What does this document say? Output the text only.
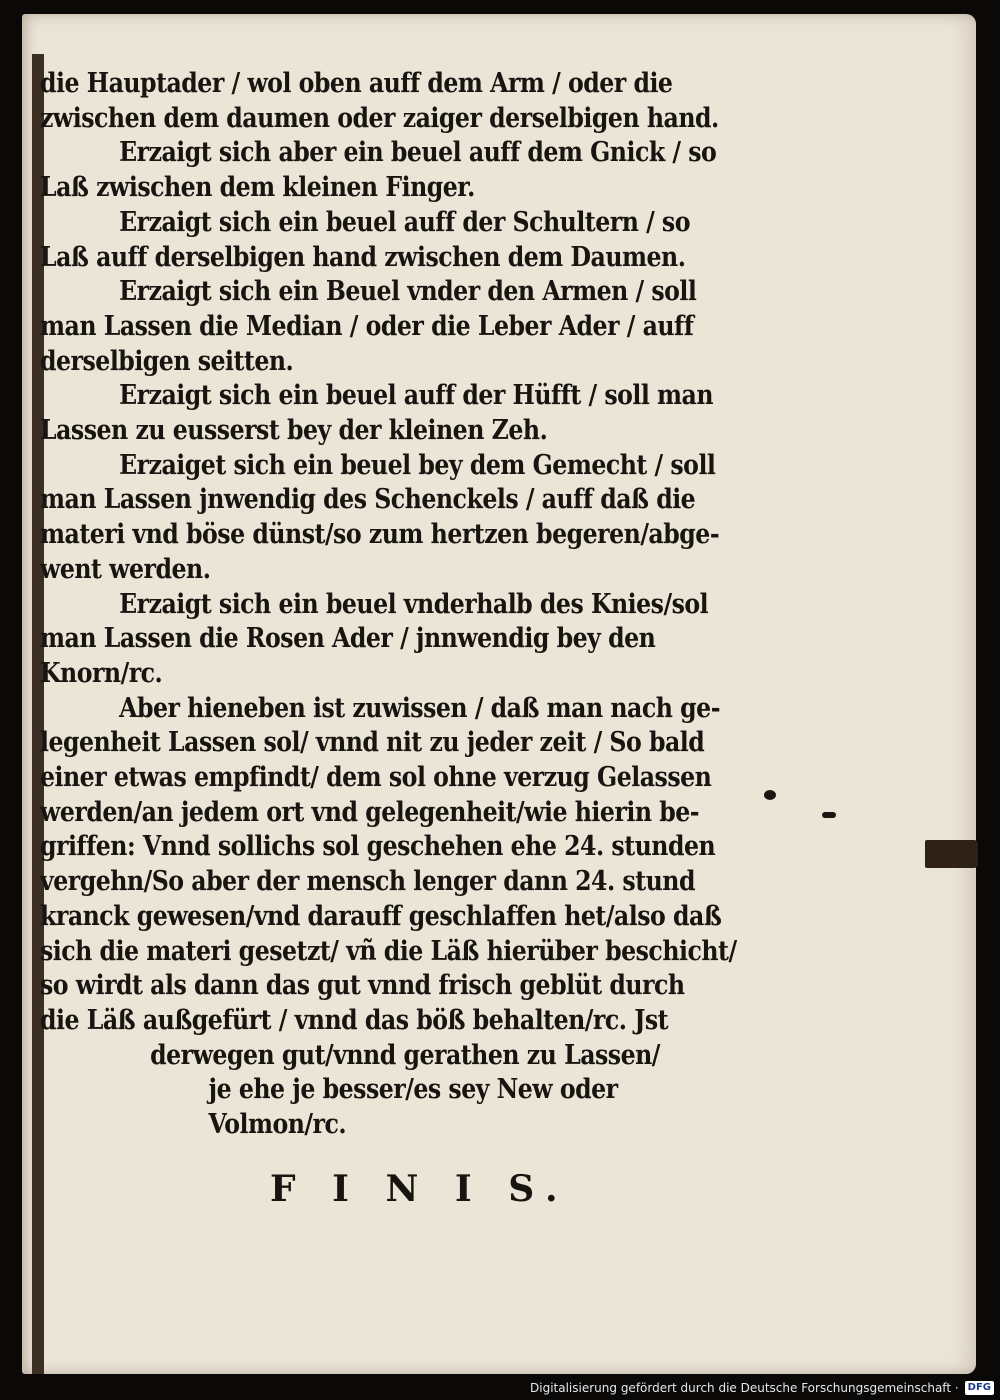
die Hauptader / wol oben auff dem Arm / oder die
zwischen dem daumen oder zaiger derselbigen hand.
Erzaigt sich aber ein beuel auff dem Gnick / so
Laß zwischen dem kleinen Finger.
Erzaigt sich ein beuel auff der Schultern / so
Laß auff derselbigen hand zwischen dem Daumen.
Erzaigt sich ein Beuel vnder den Armen / soll
man Lassen die Median / oder die Leber Ader / auff
derselbigen seitten.
Erzaigt sich ein beuel auff der Hüfft / soll man
Lassen zu eusserst bey der kleinen Zeh.
Erzaiget sich ein beuel bey dem Gemecht / soll
man Lassen jnwendig des Schenckels / auff daß die
materi vnd böse dünst/so zum hertzen begeren/abge-
went werden.
Erzaigt sich ein beuel vnderhalb des Knies/sol
man Lassen die Rosen Ader / jnnwendig bey den
Knorn/rc.
Aber hieneben ist zuwissen / daß man nach ge-
legenheit Lassen sol/ vnnd nit zu jeder zeit / So bald
einer etwas empfindt/ dem sol ohne verzug Gelassen
werden/an jedem ort vnd gelegenheit/wie hierin be-
griffen: Vnnd sollichs sol geschehen ehe 24. stunden
vergehn/So aber der mensch lenger dann 24. stund
kranck gewesen/vnd darauff geschlaffen het/also daß
sich die materi gesetzt/ vñ die Läß hierüber beschicht/
so wirdt als dann das gut vnnd frisch geblüt durch
die Läß außgefürt / vnnd das böß behalten/rc. Jst
derwegen gut/vnnd gerathen zu Lassen/
je ehe je besser/es sey New oder
Volmon/rc.
F I N I S.
Digitalisierung gefördert durch die Deutsche Forschungsgemeinschaft · DFG
